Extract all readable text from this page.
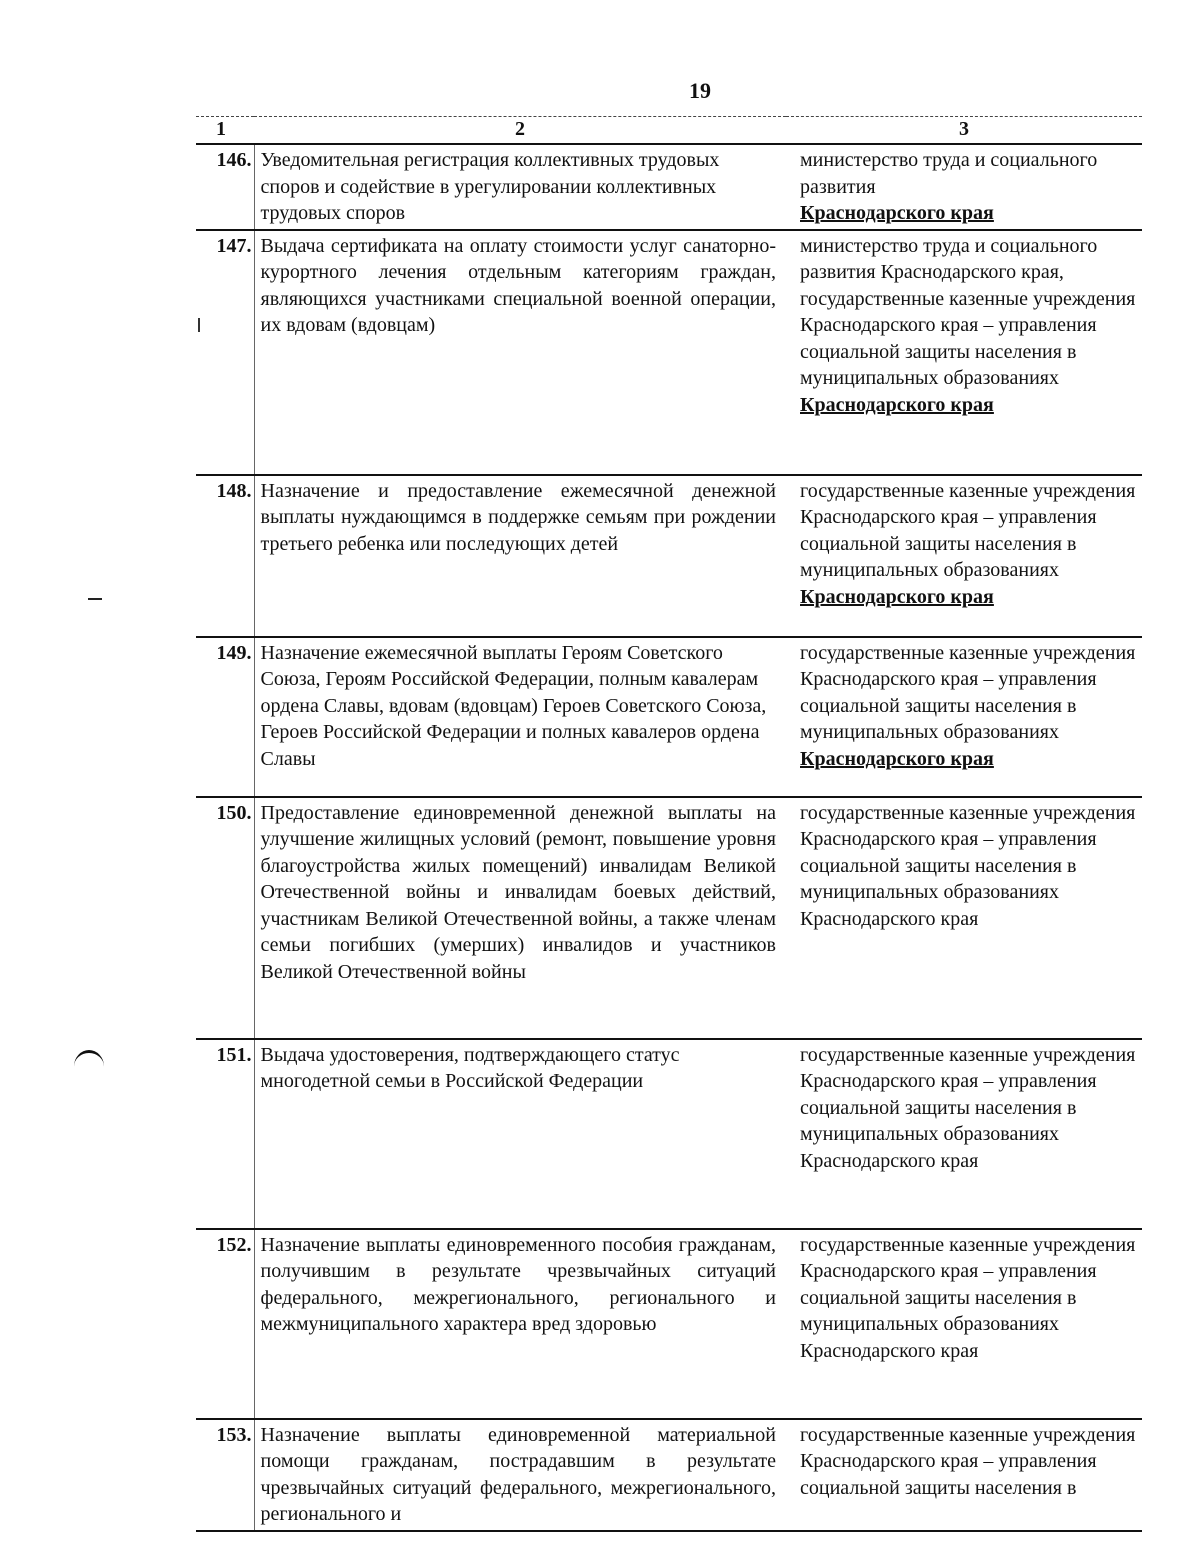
19
1	2	3
146.	Уведомительная регистрация коллективных трудовых споров и содействие в урегулировании коллективных трудовых споров	министерство труда и социального развития
Краснодарского края
147.	Выдача сертификата на оплату стоимости услуг санаторно-курортного лечения отдельным категориям граждан, являющихся участниками специальной военной операции, их вдовам (вдовцам)	министерство труда и социального развития Краснодарского края, государственные казенные учреждения Краснодарского края – управления социальной защиты населения в муниципальных образованиях
Краснодарского края
148.	Назначение и предоставление ежемесячной денежной выплаты нуждающимся в поддержке семьям при рождении третьего ребенка или последующих детей	государственные казенные учреждения Краснодарского края – управления социальной защиты населения в муниципальных образованиях
Краснодарского края
149.	Назначение ежемесячной выплаты Героям Советского Союза, Героям Российской Федерации, полным кавалерам ордена Славы, вдовам (вдовцам) Героев Советского Союза, Героев Российской Федерации и полных кавалеров ордена Славы	государственные казенные учреждения Краснодарского края – управления социальной защиты населения в муниципальных образованиях
Краснодарского края
150.	Предоставление единовременной денежной выплаты на улучшение жилищных условий (ремонт, повышение уровня благоустройства жилых помещений) инвалидам Великой Отечественной войны и инвалидам боевых действий, участникам Великой Отечественной войны, а также членам семьи погибших (умерших) инвалидов и участников Великой Отечественной войны	государственные казенные учреждения Краснодарского края – управления социальной защиты населения в муниципальных образованиях Краснодарского края
151.	Выдача удостоверения, подтверждающего статус многодетной семьи в Российской Федерации	государственные казенные учреждения Краснодарского края – управления социальной защиты населения в муниципальных образованиях Краснодарского края
152.	Назначение выплаты единовременного пособия гражданам, получившим в результате чрезвычайных ситуаций федерального, межрегионального, регионального и межмуниципального характера вред здоровью	государственные казенные учреждения Краснодарского края – управления социальной защиты населения в муниципальных образованиях Краснодарского края
153.	Назначение выплаты единовременной материальной помощи гражданам, пострадавшим в результате чрезвычайных ситуаций федерального, межрегионального, регионального и	государственные казенные учреждения Краснодарского края – управления социальной защиты населения в
